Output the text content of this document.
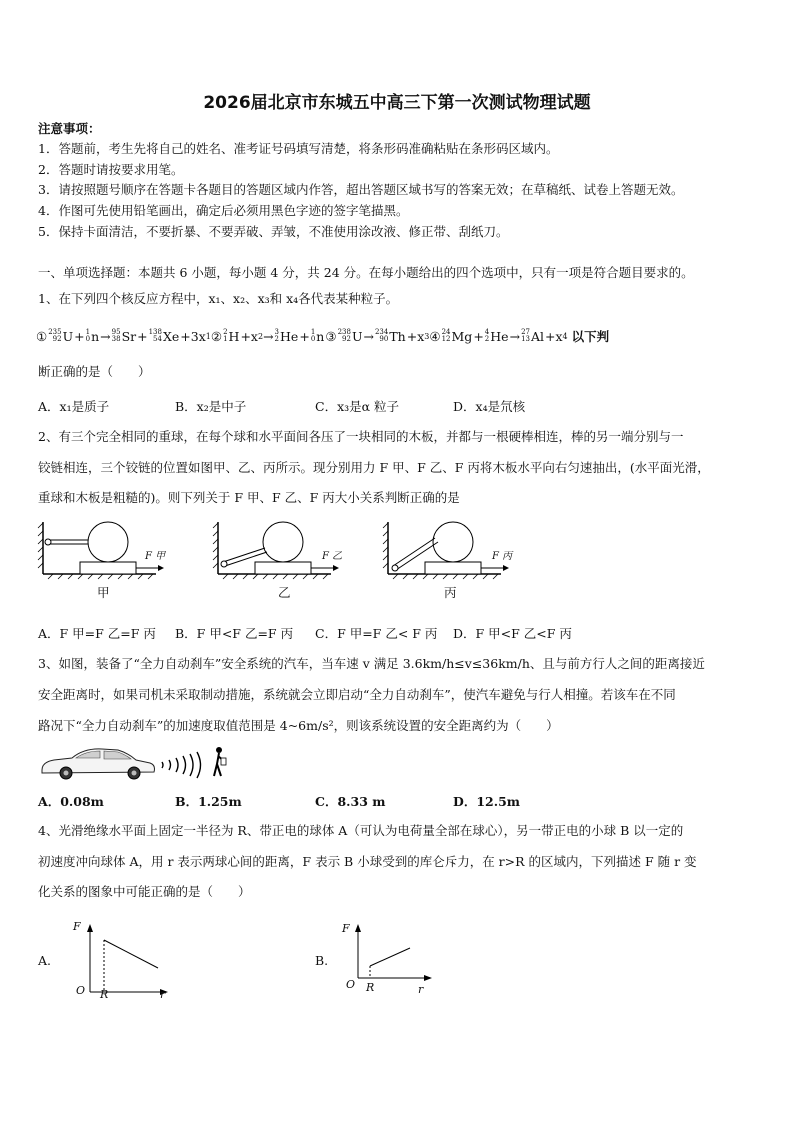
2026届北京市东城五中高三下第一次测试物理试题
注意事项：
1．答题前，考生先将自己的姓名、准考证号码填写清楚，将条形码准确粘贴在条形码区域内。
2．答题时请按要求用笔。
3．请按照题号顺序在答题卡各题目的答题区域内作答，超出答题区域书写的答案无效；在草稿纸、试卷上答题无效。
4．作图可先使用铅笔画出，确定后必须用黑色字迹的签字笔描黑。
5．保持卡面清洁，不要折暴、不要弄破、弄皱，不准使用涂改液、修正带、刮纸刀。
一、单项选择题：本题共 6 小题，每小题 4 分，共 24 分。在每小题给出的四个选项中，只有一项是符合题目要求的。
1、在下列四个核反应方程中，x₁、x₂、x₃和 x₄各代表某种粒子。
① 235
92 U + 1
0 n → 95
38 Sr + 138
54 Xe +3x 1 ② 2
1 H +x 2 → 3
2 He + 1
0 n ③ 238
92 U → 234
90 Th +x 3 ④ 24
12 Mg + 4
2 He → 27
13 Al +x 4 以下判
断正确的是（　　）
A．x₁是质子	B．x₂是中子	C．x₃是α 粒子	D．x₄是氘核
2、有三个完全相同的重球，在每个球和水平面间各压了一块相同的木板，并都与一根硬棒相连，棒的另一端分别与一
铰链相连，三个铰链的位置如图甲、乙、丙所示。现分别用力 F 甲、F 乙、F 丙将木板水平向右匀速抽出，(水平面光滑，
重球和木板是粗糙的)。则下列关于 F 甲、F 乙、F 丙大小关系判断正确的是
F 甲
甲
F 乙
乙
F 丙
丙
A．F 甲=F 乙=F 丙 B．F 甲<F 乙=F 丙 C．F 甲=F 乙< F 丙 D．F 甲<F 乙<F 丙
3、如图，装备了“全力自动刹车”安全系统的汽车，当车速 v 满足 3.6km/h≤v≤36km/h、且与前方行人之间的距离接近
安全距离时，如果司机未采取制动措施，系统就会立即启动“全力自动刹车”，使汽车避免与行人相撞。若该车在不同
路况下“全力自动刹车”的加速度取值范围是 4~6m/s²，则该系统设置的安全距离约为（　　）
A．0.08m	B．1.25m	C．8.33 m	D．12.5m
4、光滑绝缘水平面上固定一半径为 R、带正电的球体 A（可认为电荷量全部在球心），另一带正电的小球 B 以一定的
初速度冲向球体 A，用 r 表示两球心间的距离，F 表示 B 小球受到的库仑斥力，在 r>R 的区域内，下列描述 F 随 r 变
化关系的图象中可能正确的是（　　）
A.
F
O R	r
B.
F
O R	r
